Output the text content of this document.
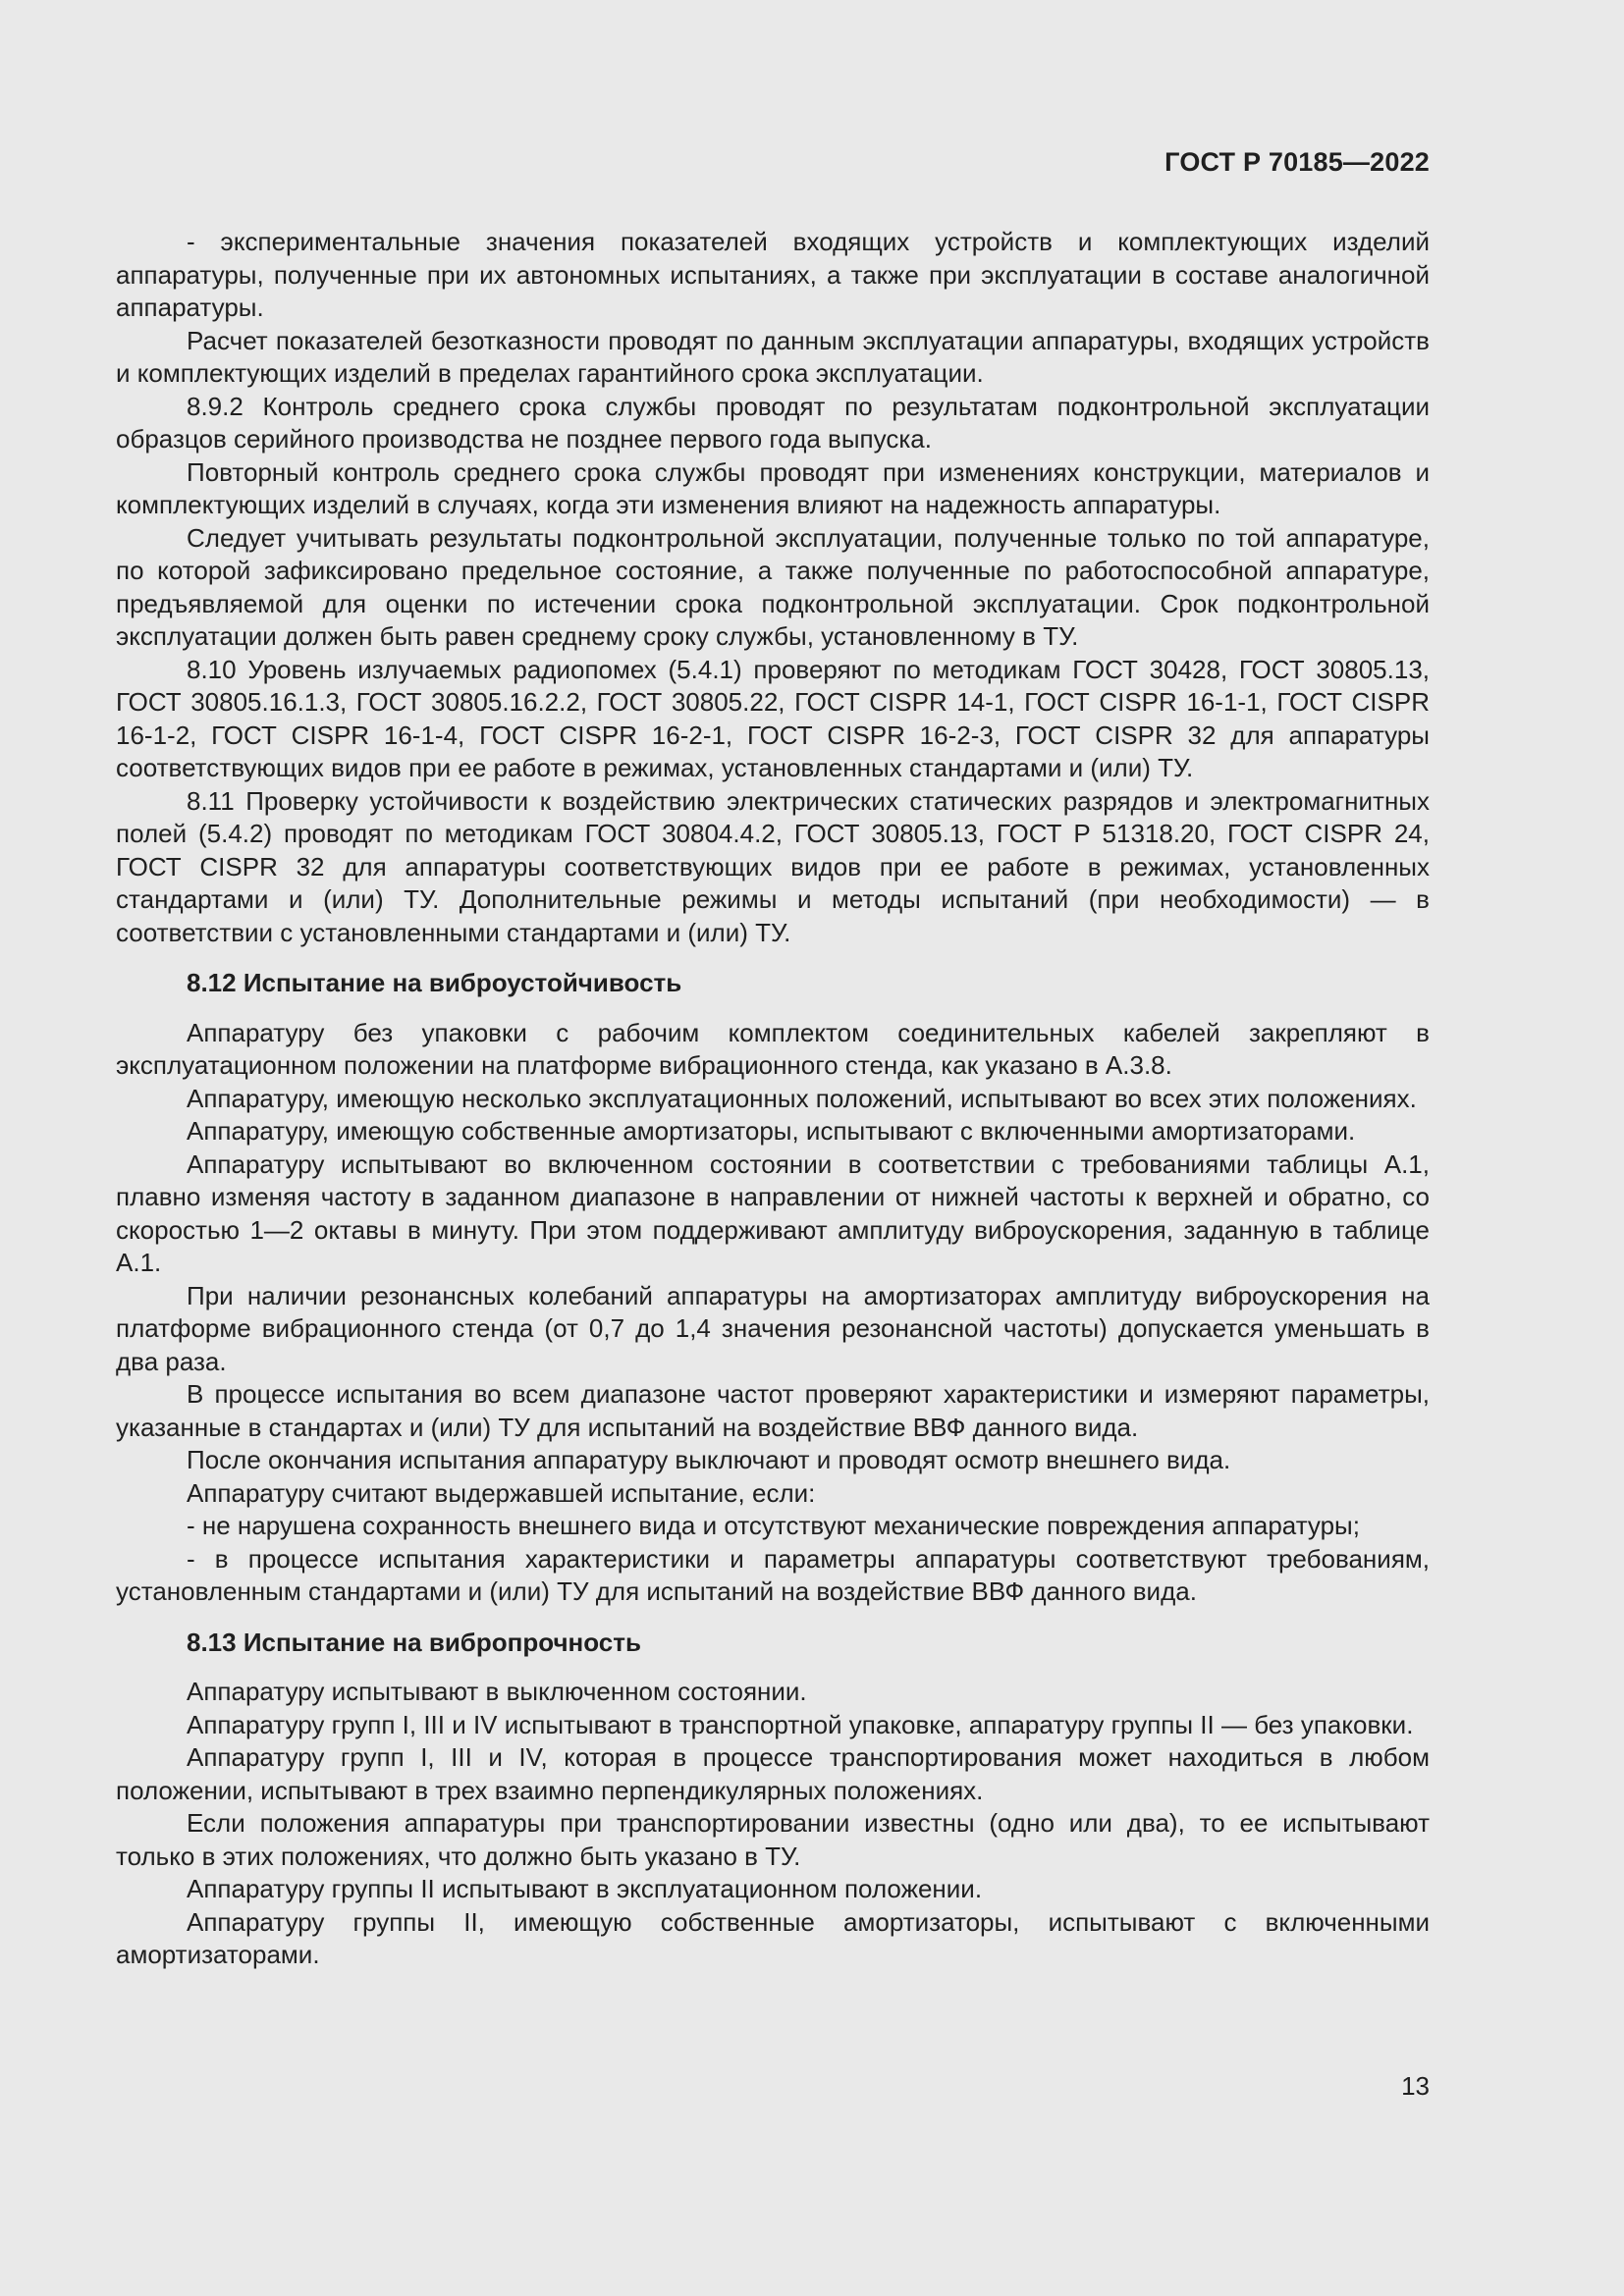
ГОСТ Р 70185—2022

- экспериментальные значения показателей входящих устройств и комплектующих изделий аппаратуры, полученные при их автономных испытаниях, а также при эксплуатации в составе аналогичной аппаратуры.

Расчет показателей безотказности проводят по данным эксплуатации аппаратуры, входящих устройств и комплектующих изделий в пределах гарантийного срока эксплуатации.

8.9.2 Контроль среднего срока службы проводят по результатам подконтрольной эксплуатации образцов серийного производства не позднее первого года выпуска.

Повторный контроль среднего срока службы проводят при изменениях конструкции, материалов и комплектующих изделий в случаях, когда эти изменения влияют на надежность аппаратуры.

Следует учитывать результаты подконтрольной эксплуатации, полученные только по той аппаратуре, по которой зафиксировано предельное состояние, а также полученные по работоспособной аппаратуре, предъявляемой для оценки по истечении срока подконтрольной эксплуатации. Срок подконтрольной эксплуатации должен быть равен среднему сроку службы, установленному в ТУ.

8.10 Уровень излучаемых радиопомех (5.4.1) проверяют по методикам ГОСТ 30428, ГОСТ 30805.13, ГОСТ 30805.16.1.3, ГОСТ 30805.16.2.2, ГОСТ 30805.22, ГОСТ CISPR 14-1, ГОСТ CISPR 16-1-1, ГОСТ CISPR 16-1-2, ГОСТ CISPR 16-1-4, ГОСТ CISPR 16-2-1, ГОСТ CISPR 16-2-3, ГОСТ CISPR 32 для аппаратуры соответствующих видов при ее работе в режимах, установленных стандартами и (или) ТУ.

8.11 Проверку устойчивости к воздействию электрических статических разрядов и электромагнитных полей (5.4.2) проводят по методикам ГОСТ 30804.4.2, ГОСТ 30805.13, ГОСТ Р 51318.20, ГОСТ CISPR 24, ГОСТ CISPR 32 для аппаратуры соответствующих видов при ее работе в режимах, установленных стандартами и (или) ТУ. Дополнительные режимы и методы испытаний (при необходимости) — в соответствии с установленными стандартами и (или) ТУ.

8.12 Испытание на виброустойчивость

Аппаратуру без упаковки с рабочим комплектом соединительных кабелей закрепляют в эксплуатационном положении на платформе вибрационного стенда, как указано в А.3.8.

Аппаратуру, имеющую несколько эксплуатационных положений, испытывают во всех этих положениях.

Аппаратуру, имеющую собственные амортизаторы, испытывают с включенными амортизаторами.

Аппаратуру испытывают во включенном состоянии в соответствии с требованиями таблицы А.1, плавно изменяя частоту в заданном диапазоне в направлении от нижней частоты к верхней и обратно, со скоростью 1—2 октавы в минуту. При этом поддерживают амплитуду виброускорения, заданную в таблице А.1.

При наличии резонансных колебаний аппаратуры на амортизаторах амплитуду виброускорения на платформе вибрационного стенда (от 0,7 до 1,4 значения резонансной частоты) допускается уменьшать в два раза.

В процессе испытания во всем диапазоне частот проверяют характеристики и измеряют параметры, указанные в стандартах и (или) ТУ для испытаний на воздействие ВВФ данного вида.

После окончания испытания аппаратуру выключают и проводят осмотр внешнего вида.

Аппаратуру считают выдержавшей испытание, если:

- не нарушена сохранность внешнего вида и отсутствуют механические повреждения аппаратуры;

- в процессе испытания характеристики и параметры аппаратуры соответствуют требованиям, установленным стандартами и (или) ТУ для испытаний на воздействие ВВФ данного вида.

8.13 Испытание на вибропрочность

Аппаратуру испытывают в выключенном состоянии.

Аппаратуру групп I, III и IV испытывают в транспортной упаковке, аппаратуру группы II — без упаковки.

Аппаратуру групп I, III и IV, которая в процессе транспортирования может находиться в любом положении, испытывают в трех взаимно перпендикулярных положениях.

Если положения аппаратуры при транспортировании известны (одно или два), то ее испытывают только в этих положениях, что должно быть указано в ТУ.

Аппаратуру группы II испытывают в эксплуатационном положении.

Аппаратуру группы II, имеющую собственные амортизаторы, испытывают с включенными амортизаторами.

13
